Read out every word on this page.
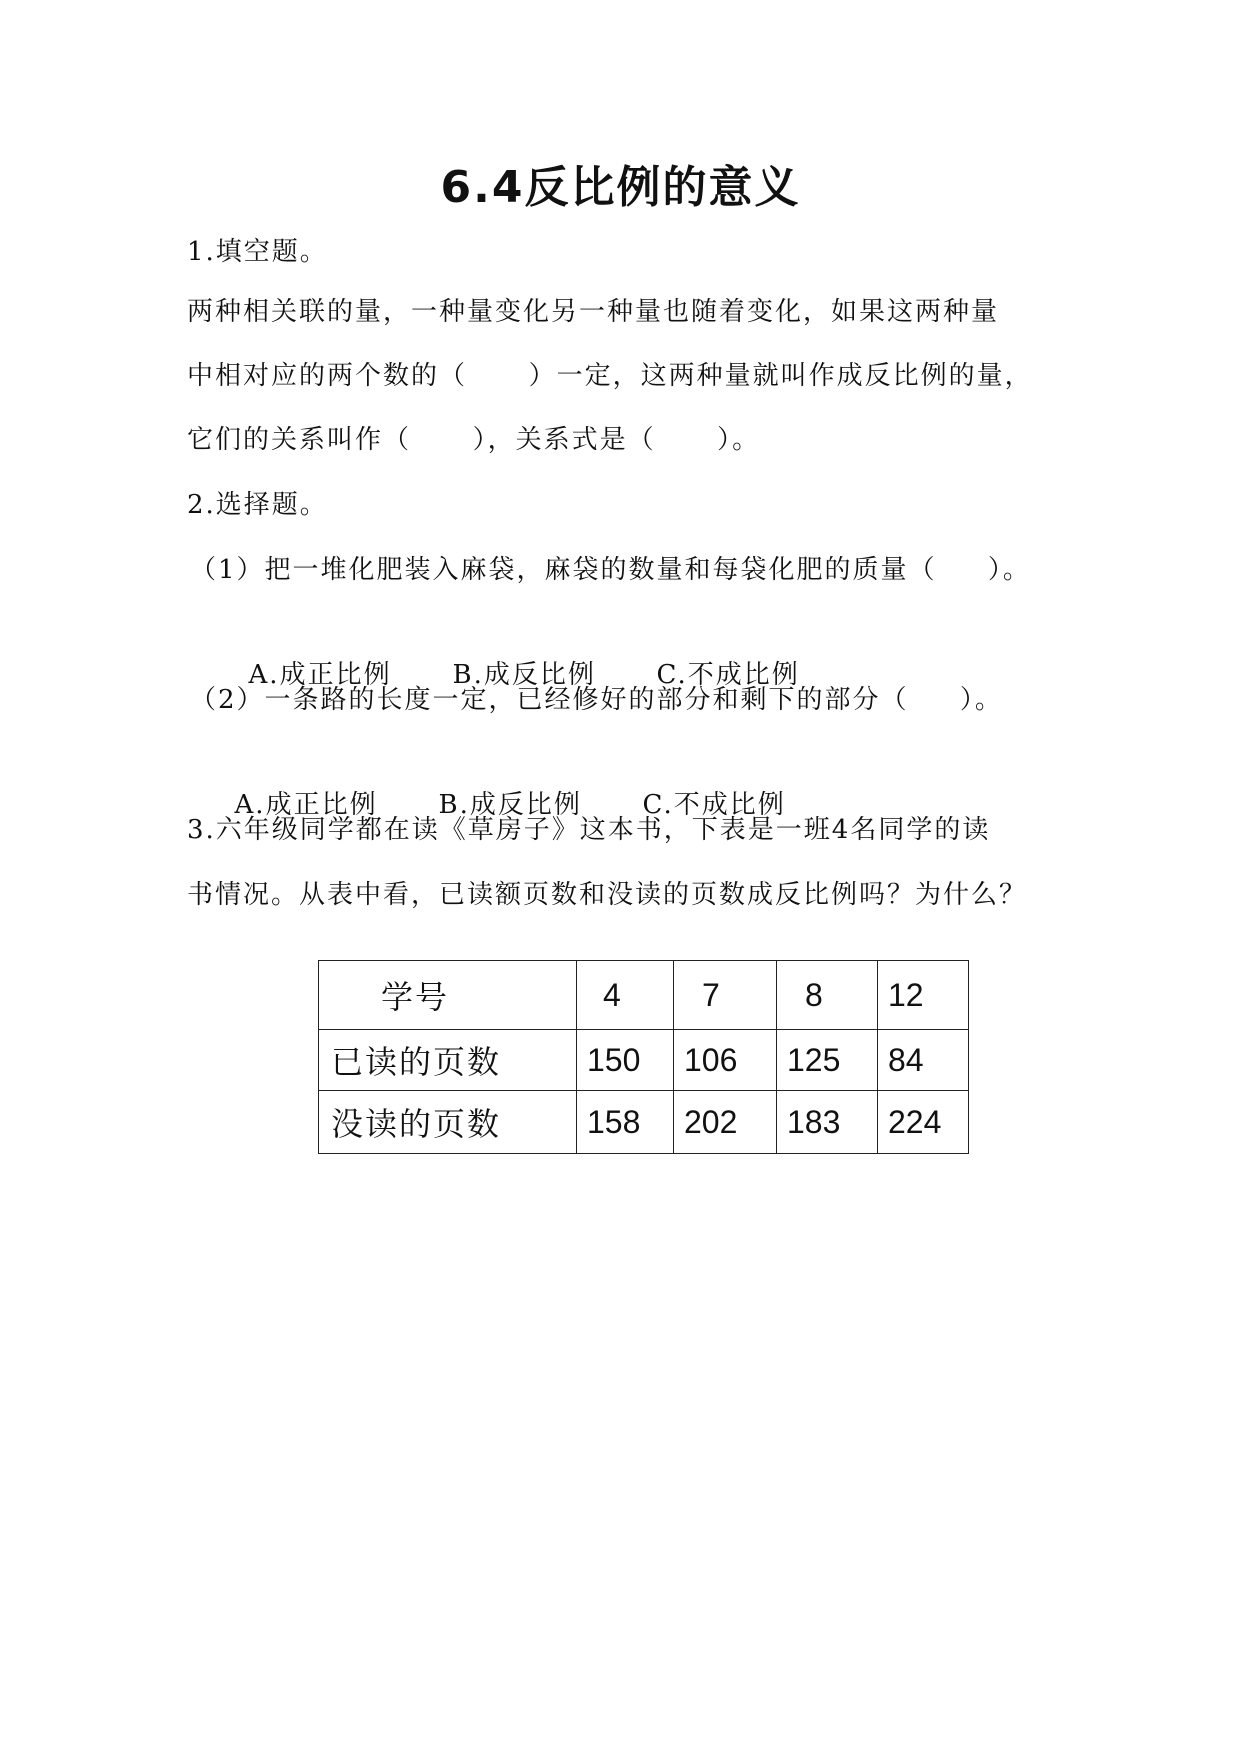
6.4反比例的意义
1.填空题。
两种相关联的量，一种量变化另一种量也随着变化，如果这两种量
中相对应的两个数的（      ）一定，这两种量就叫作成反比例的量，
它们的关系叫作（      ），关系式是（      ）。
2.选择题。
（1）把一堆化肥装入麻袋，麻袋的数量和每袋化肥的质量（     ）。

A.成正比例 B.成反比例 C.不成比例

（2）一条路的长度一定，已经修好的部分和剩下的部分（     ）。

A.成正比例 B.成反比例 C.不成比例

3.六年级同学都在读《草房子》这本书，下表是一班4名同学的读
书情况。从表中看，已读额页数和没读的页数成反比例吗？为什么？
学号	4	7	8	12
已读的页数	150	106	125	84
没读的页数	158	202	183	224
